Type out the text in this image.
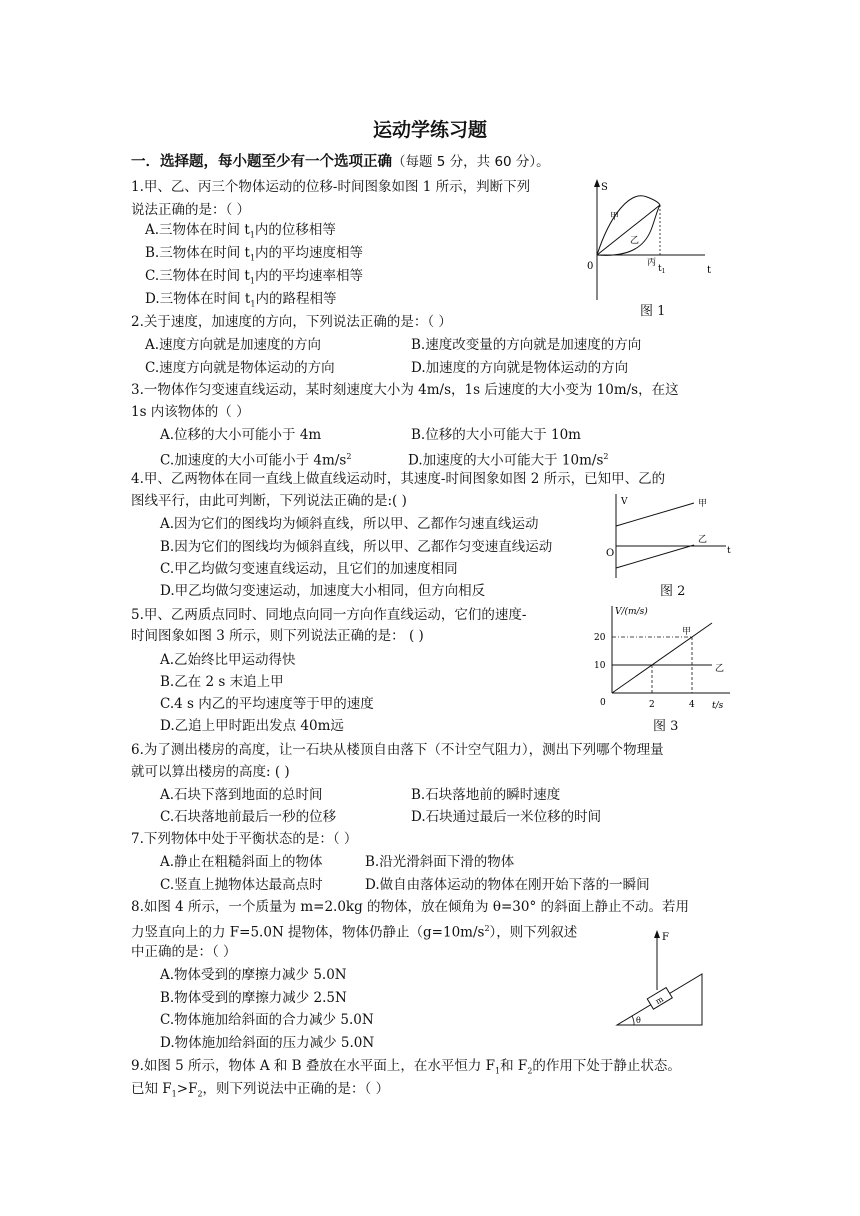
运动学练习题
一．选择题，每小题至少有一个选项正确（每题 5 分，共 60 分）。
1.甲、乙、丙三个物体运动的位移-时间图象如图 1 所示，判断下列
说法正确的是：（ ）
A.三物体在时间 $t_1$内的位移相等
B.三物体在时间 $t_1$内的平均速度相等
C.三物体在时间 $t_1$内的平均速率相等
D.三物体在时间 $t_1$内的路程相等
S
t
0
甲
乙
丙
$t_1$
图 1
2.关于速度，加速度的方向，下列说法正确的是：（ ）
A.速度方向就是加速度的方向	B.速度改变量的方向就是加速度的方向
C.速度方向就是物体运动的方向	D.加速度的方向就是物体运动的方向
3.一物体作匀变速直线运动，某时刻速度大小为 4m/s，1s 后速度的大小变为 10m/s，在这
1s 内该物体的（ ）
A.位移的大小可能小于 4m	B.位移的大小可能大于 10m
C.加速度的大小可能小于 $4m/s^2$	D.加速度的大小可能大于 $10m/s^2$
4.甲、乙两物体在同一直线上做直线运动时，其速度-时间图象如图 2 所示，已知甲、乙的
图线平行，由此可判断，下列说法正确的是:( )
A.因为它们的图线均为倾斜直线，所以甲、乙都作匀速直线运动
B.因为它们的图线均为倾斜直线，所以甲、乙都作匀变速直线运动
C.甲乙均做匀变速直线运动，且它们的加速度相同
D.甲乙均做匀变速运动，加速度大小相同，但方向相反
V
O	t
甲
乙
图 2
5.甲、乙两质点同时、同地点向同一方向作直线运动，它们的速度-
时间图象如图 3 所示，则下列说法正确的是： ( )
A.乙始终比甲运动得快
B.乙在 2 s 末追上甲
C.4 s 内乙的平均速度等于甲的速度
D.乙追上甲时距出发点 40m远
V/(m/s)
t/s
0
10
20
2	4
甲
乙
图 3
6.为了测出楼房的高度，让一石块从楼顶自由落下（不计空气阻力），测出下列哪个物理量
就可以算出楼房的高度: ( )
A.石块下落到地面的总时间	B.石块落地前的瞬时速度
C.石块落地前最后一秒的位移	D.石块通过最后一米位移的时间
7.下列物体中处于平衡状态的是：（ ）
A.静止在粗糙斜面上的物体	B.沿光滑斜面下滑的物体
C.竖直上抛物体达最高点时	D.做自由落体运动的物体在刚开始下落的一瞬间
8.如图 4 所示，一个质量为 m=2.0kg 的物体，放在倾角为 θ=30° 的斜面上静止不动。若用
力竖直向上的力 F=5.0N 提物体，物体仍静止$(g=10m/s^2)$，则下列叙述
中正确的是：（ ）
A.物体受到的摩擦力减少 5.0N
B.物体受到的摩擦力减少 2.5N
C.物体施加给斜面的合力减少 5.0N
D.物体施加给斜面的压力减少 5.0N
m
F
θ
9.如图 5 所示，物体 A 和 B 叠放在水平面上，在水平恒力 $F_1$和 $F_2$的作用下处于静止状态。
已知 $F_1>F_2$，则下列说法中正确的是：（ ）
